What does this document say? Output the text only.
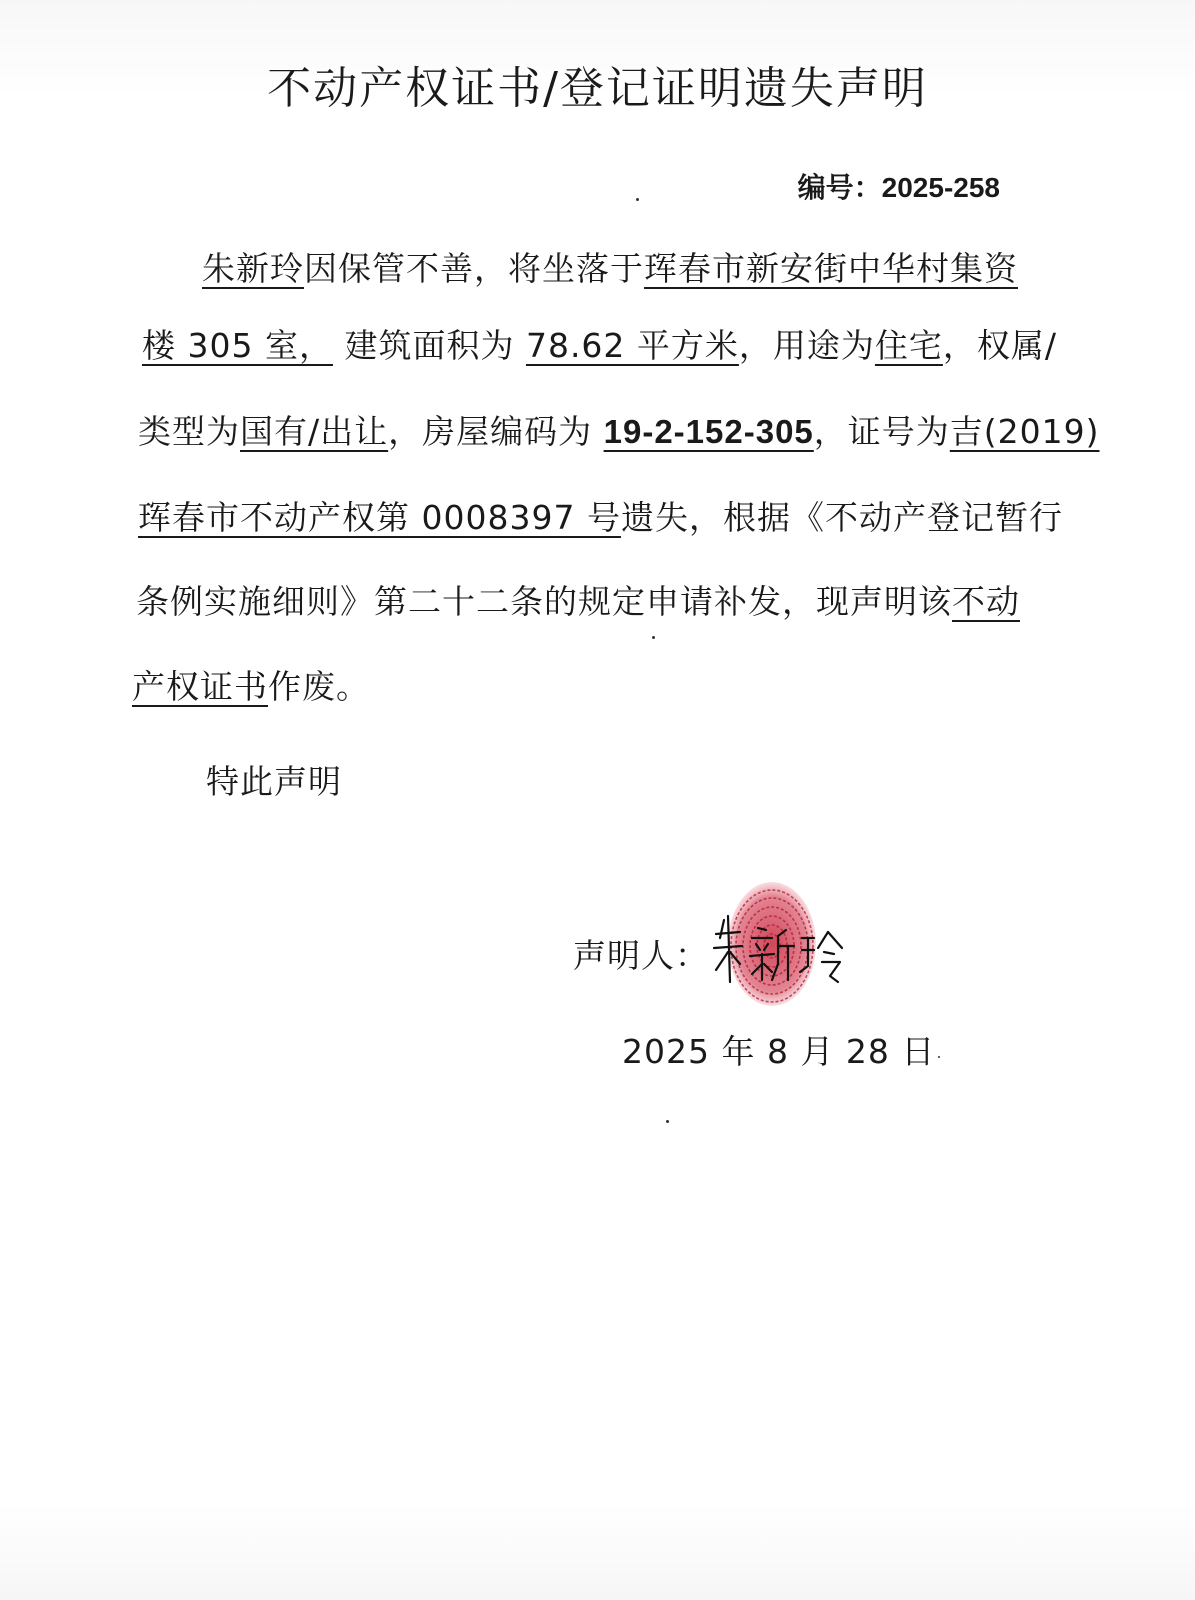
不动产权证书/登记证明遗失声明
编号：2025-258
朱新玲因保管不善，将坐落于珲春市新安街中华村集资
楼 305 室， 建筑面积为 78.62 平方米，用途为住宅，权属/
类型为国有/出让，房屋编码为 19-2-152-305，证号为吉(2019)
珲春市不动产权第 0008397 号遗失，根据《不动产登记暂行
条例实施细则》第二十二条的规定申请补发，现声明该不动
产权证书作废。
特此声明
声明人：
2025 年 8 月 28 日
